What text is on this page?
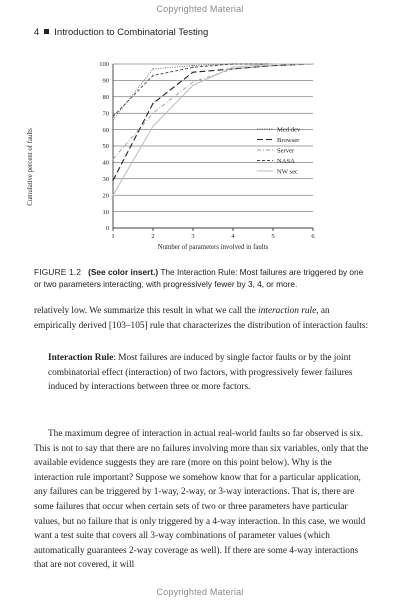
Copyrighted Material
4 Introduction to Combinatorial Testing
0
10
20
30
40
50
60
70
80
90
100
1	2	3	4	5	6
Med dev
Browser
Server
NASA
NW sec
Cumulative percent of faults
Number of parameters involved in faults
FIGURE 1.2 (See color insert.) The Interaction Rule: Most failures are triggered by one or two parameters interacting, with progressively fewer by 3, 4, or more.
relatively low. We summarize this result in what we call the interaction rule, an empirically derived [103–105] rule that characterizes the distribution of interaction faults:
Interaction Rule: Most failures are induced by single factor faults or by the joint combinatorial effect (interaction) of two factors, with progressively fewer failures induced by interactions between three or more factors.
The maximum degree of interaction in actual real-world faults so far observed is six. This is not to say that there are no failures involving more than six variables, only that the available evidence suggests they are rare (more on this point below). Why is the interaction rule important? Suppose we somehow know that for a particular application, any failures can be triggered by 1-way, 2-way, or 3-way interactions. That is, there are some failures that occur when certain sets of two or three parameters have particular values, but no failure that is only triggered by a 4-way interaction. In this case, we would want a test suite that covers all 3-way combinations of parameter values (which automatically guarantees 2-way coverage as well). If there are some 4-way interactions that are not covered, it will
Copyrighted Material
